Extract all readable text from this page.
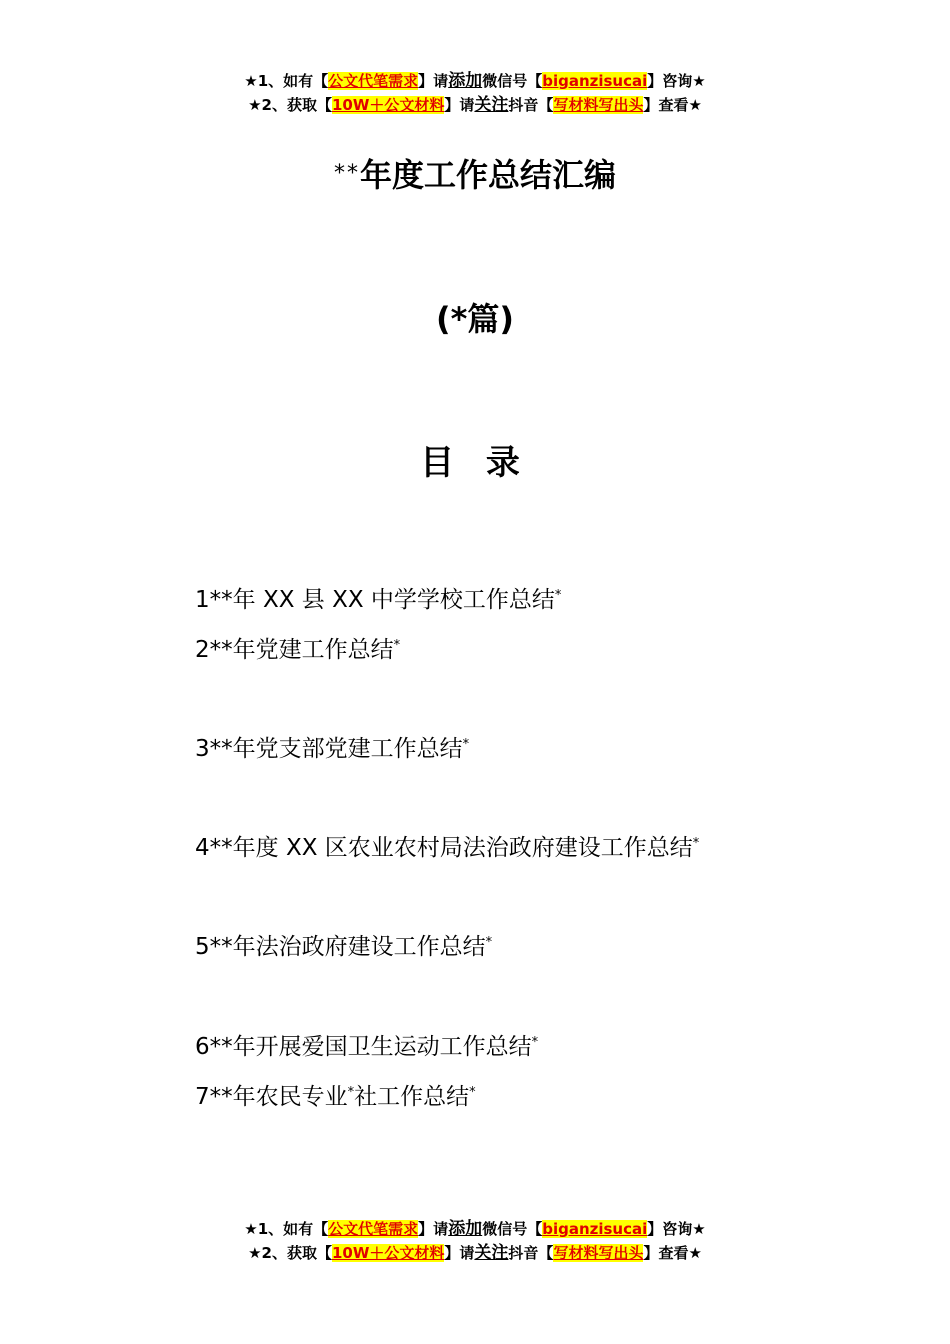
★1、如有【公文代笔需求】请添加微信号【biganzisucai】咨询★
★2、获取【10W＋公文材料】请关注抖音【写材料写出头】查看★
**年度工作总结汇编
(*篇)
目 录
1**年 XX 县 XX 中学学校工作总结*
2**年党建工作总结*
3**年党支部党建工作总结*
4**年度 XX 区农业农村局法治政府建设工作总结*
5**年法治政府建设工作总结*
6**年开展爱国卫生运动工作总结*
7**年农民专业*社工作总结*
★1、如有【公文代笔需求】请添加微信号【biganzisucai】咨询★
★2、获取【10W＋公文材料】请关注抖音【写材料写出头】查看★
